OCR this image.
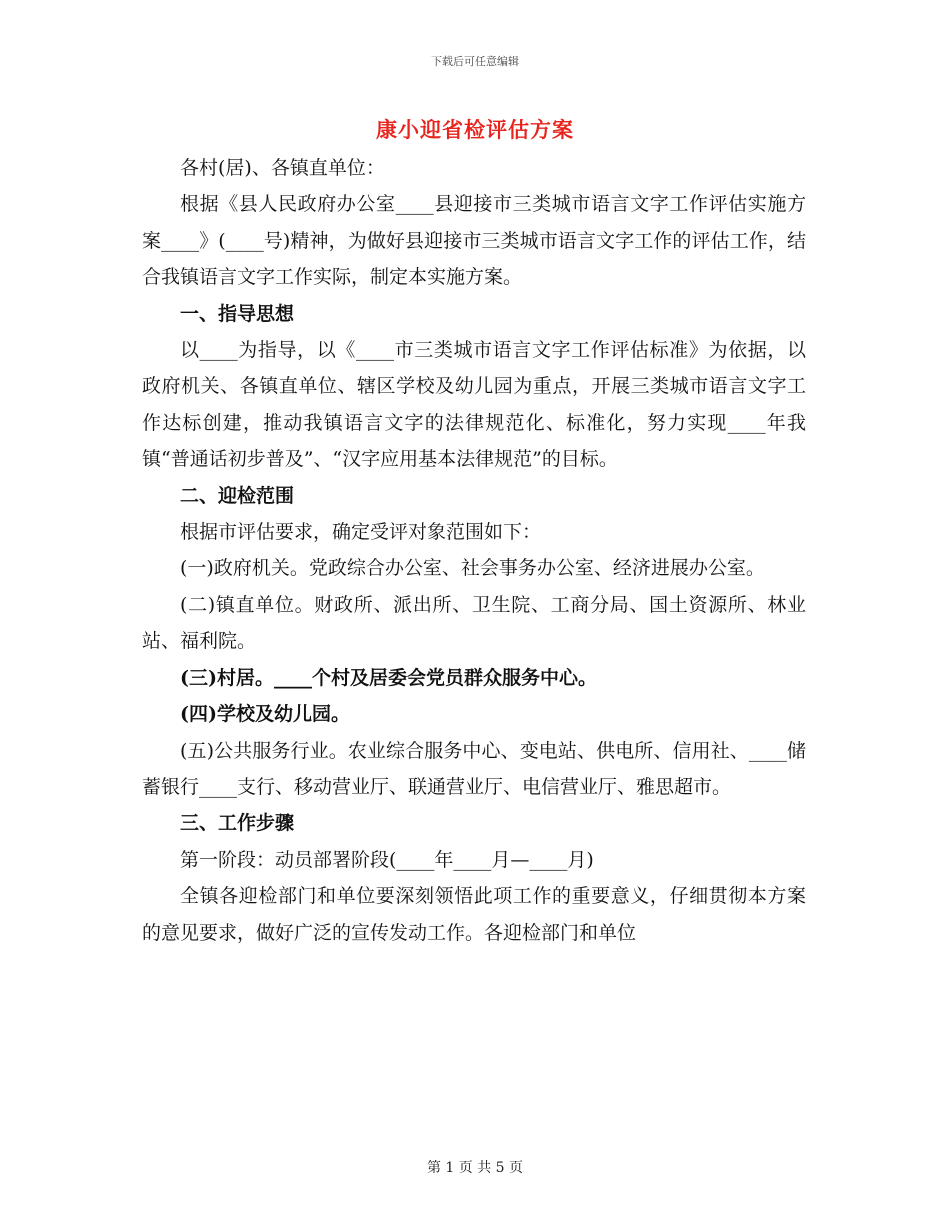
下载后可任意编辑
康小迎省检评估方案

各村(居)、各镇直单位：

根据《县人民政府办公室____县迎接市三类城市语言文字工作评估实施方案____》(____号)精神，为做好县迎接市三类城市语言文字工作的评估工作，结合我镇语言文字工作实际，制定本实施方案。

一、指导思想

以____为指导，以《____市三类城市语言文字工作评估标准》为依据，以政府机关、各镇直单位、辖区学校及幼儿园为重点，开展三类城市语言文字工作达标创建，推动我镇语言文字的法律规范化、标准化，努力实现____年我镇“普通话初步普及”、“汉字应用基本法律规范”的目标。

二、迎检范围

根据市评估要求，确定受评对象范围如下：

(一)政府机关。党政综合办公室、社会事务办公室、经济进展办公室。

(二)镇直单位。财政所、派出所、卫生院、工商分局、国土资源所、林业站、福利院。

(三)村居。____个村及居委会党员群众服务中心。

(四)学校及幼儿园。

(五)公共服务行业。农业综合服务中心、变电站、供电所、信用社、____储蓄银行____支行、移动营业厅、联通营业厅、电信营业厅、雅思超市。

三、工作步骤

第一阶段：动员部署阶段(____年____月—____月)

全镇各迎检部门和单位要深刻领悟此项工作的重要意义，仔细贯彻本方案的意见要求，做好广泛的宣传发动工作。各迎检部门和单位

第 1 页 共 5 页
